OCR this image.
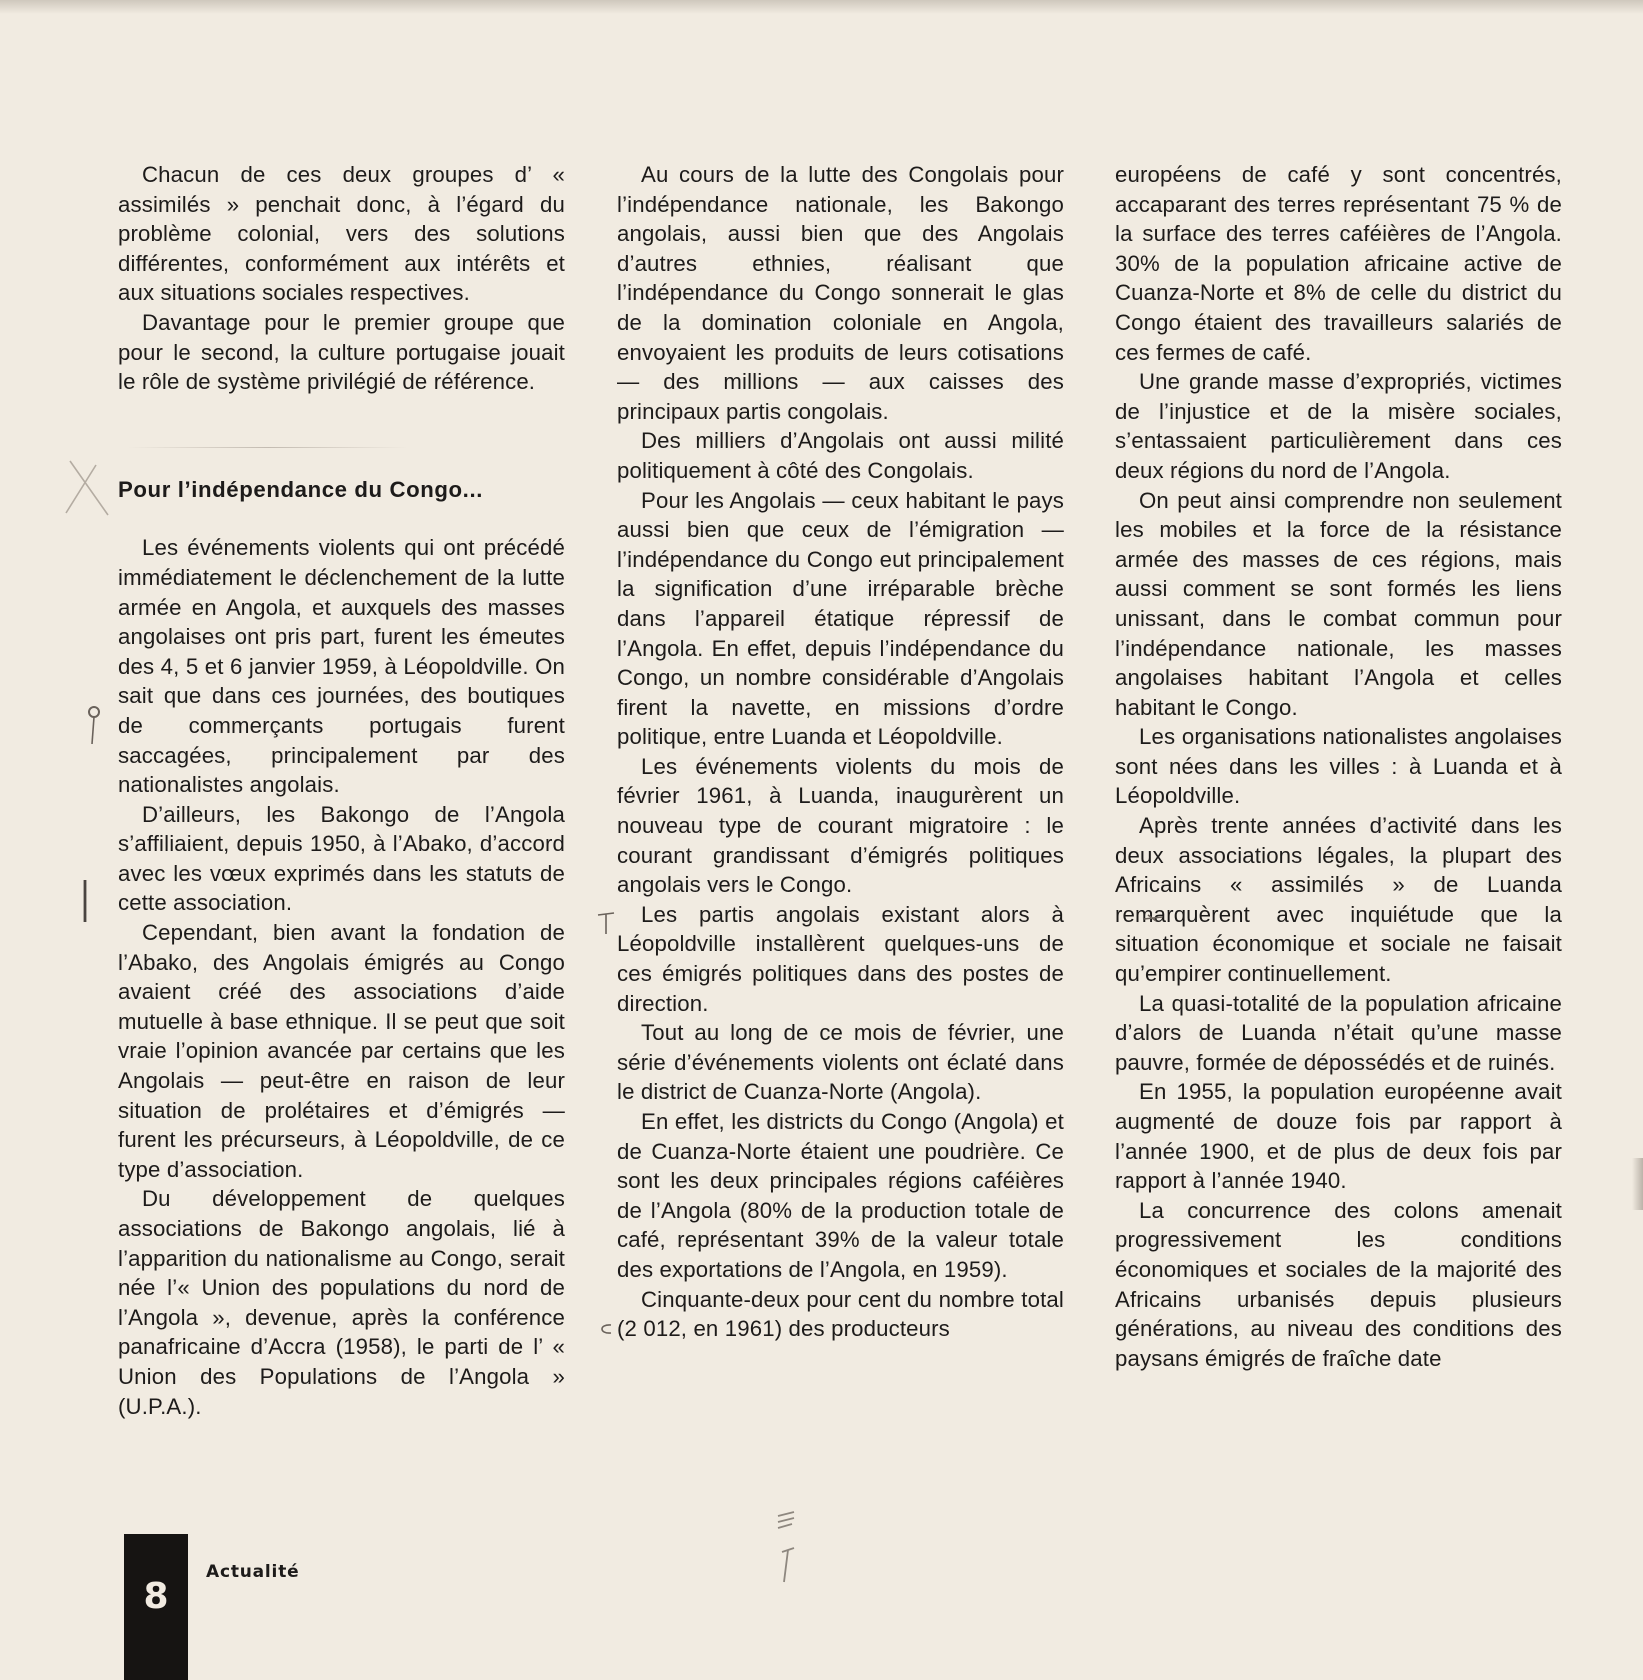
Chacun de ces deux groupes d’ « assimilés » penchait donc, à l’égard du problème colonial, vers des solutions différentes, conformément aux intérêts et aux situations sociales respectives.

Davantage pour le premier groupe que pour le second, la culture portugaise jouait le rôle de système privilégié de référence.

Pour l’indépendance du Congo...

Les événements violents qui ont précédé immédiatement le déclenchement de la lutte armée en Angola, et auxquels des masses angolaises ont pris part, furent les émeutes des 4, 5 et 6 janvier 1959, à Léopoldville. On sait que dans ces journées, des boutiques de commerçants portugais furent saccagées, principalement par des nationalistes angolais.

D’ailleurs, les Bakongo de l’Angola s’affiliaient, depuis 1950, à l’Abako, d’accord avec les vœux exprimés dans les statuts de cette association.

Cependant, bien avant la fondation de l’Abako, des Angolais émigrés au Congo avaient créé des associations d’aide mutuelle à base ethnique. Il se peut que soit vraie l’opinion avancée par certains que les Angolais — peut-être en raison de leur situation de prolétaires et d’émigrés — furent les précurseurs, à Léopoldville, de ce type d’association.

Du développement de quelques associations de Bakongo angolais, lié à l’apparition du nationalisme au Congo, serait née l’« Union des populations du nord de l’Angola », devenue, après la conférence panafricaine d’Accra (1958), le parti de l’ « Union des Populations de l’Angola » (U.P.A.).

Au cours de la lutte des Congolais pour l’indépendance nationale, les Bakongo angolais, aussi bien que des Angolais d’autres ethnies, réalisant que l’indépendance du Congo sonnerait le glas de la domination coloniale en Angola, envoyaient les produits de leurs cotisations — des millions — aux caisses des principaux partis congolais.

Des milliers d’Angolais ont aussi milité politiquement à côté des Congolais.

Pour les Angolais — ceux habitant le pays aussi bien que ceux de l’émigration — l’indépendance du Congo eut principalement la signification d’une irréparable brèche dans l’appareil étatique répressif de l’Angola. En effet, depuis l’indépendance du Congo, un nombre considérable d’Angolais firent la navette, en missions d’ordre politique, entre Luanda et Léopoldville.

Les événements violents du mois de février 1961, à Luanda, inaugurèrent un nouveau type de courant migratoire : le courant grandissant d’émigrés politiques angolais vers le Congo.

Les partis angolais existant alors à Léopoldville installèrent quelques-uns de ces émigrés politiques dans des postes de direction.

Tout au long de ce mois de février, une série d’événements violents ont éclaté dans le district de Cuanza-Norte (Angola).

En effet, les districts du Congo (Angola) et de Cuanza-Norte étaient une poudrière. Ce sont les deux principales régions caféières de l’Angola (80% de la production totale de café, représentant 39% de la valeur totale des exportations de l’Angola, en 1959).

Cinquante-deux pour cent du nombre total (2 012, en 1961) des producteurs

européens de café y sont concentrés, accaparant des terres représentant 75 % de la surface des terres caféières de l’Angola. 30% de la population africaine active de Cuanza-Norte et 8% de celle du district du Congo étaient des travailleurs salariés de ces fermes de café.

Une grande masse d’expropriés, victimes de l’injustice et de la misère sociales, s’entassaient particulièrement dans ces deux régions du nord de l’Angola.

On peut ainsi comprendre non seulement les mobiles et la force de la résistance armée des masses de ces régions, mais aussi comment se sont formés les liens unissant, dans le combat commun pour l’indépendance nationale, les masses angolaises habitant l’Angola et celles habitant le Congo.

Les organisations nationalistes angolaises sont nées dans les villes : à Luanda et à Léopoldville.

Après trente années d’activité dans les deux associations légales, la plupart des Africains « assimilés » de Luanda remarquèrent avec inquiétude que la situation économique et sociale ne faisait qu’empirer continuellement.

La quasi-totalité de la population africaine d’alors de Luanda n’était qu’une masse pauvre, formée de dépossédés et de ruinés.

En 1955, la population européenne avait augmenté de douze fois par rapport à l’année 1900, et de plus de deux fois par rapport à l’année 1940.

La concurrence des colons amenait progressivement les conditions économiques et sociales de la majorité des Africains urbanisés depuis plusieurs générations, au niveau des conditions des paysans émigrés de fraîche date

8
Actualité
